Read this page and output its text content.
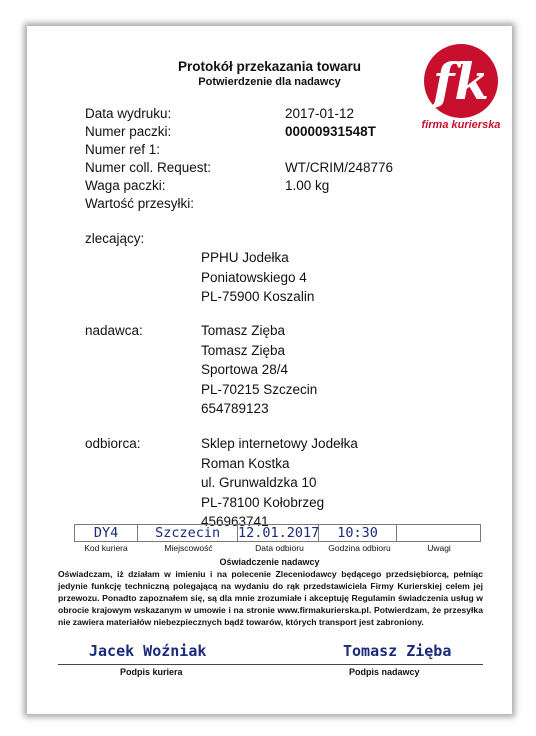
Protokół przekazania towaru
Potwierdzenie dla nadawcy	fk
firma kurierska
Data wydruku:	2017-01-12
Numer paczki:	00000931548T
Numer ref 1:
Numer coll. Request:	WT/CRIM/248776
Waga paczki:	1.00 kg
Wartość przesyłki:
zlecający:
PPHU Jodełka
Poniatowskiego 4
PL-75900 Koszalin
nadawca:	Tomasz Zięba
Tomasz Zięba
Sportowa 28/4
PL-70215 Szczecin
654789123
odbiorca:	Sklep internetowy Jodełka
Roman Kostka
ul. Grunwaldzka 10
PL-78100 Kołobrzeg
456963741
DY4	Szczecin	12.01.2017	10:30
Kod kuriera	Miejscowość	Data odbioru	Godzina odbioru	Uwagi
Oświadczenie nadawcy
Oświadczam, iż działam w imieniu i na polecenie Zleceniodawcy będącego przedsiębiorcą, pełniąc jedynie funkcję techniczną polegającą na wydaniu do rąk przedstawiciela Firmy Kurierskiej celem jej przewozu. Ponadto zapoznałem się, są dla mnie zrozumiałe i akceptuję Regulamin świadczenia usług w obrocie krajowym wskazanym w umowie i na stronie www.firmakurierska.pl. Potwierdzam, że przesyłka nie zawiera materiałów niebezpiecznych bądź towarów, których transport jest zabroniony.
Jacek Woźniak	Tomasz Zięba
Podpis kuriera	Podpis nadawcy
